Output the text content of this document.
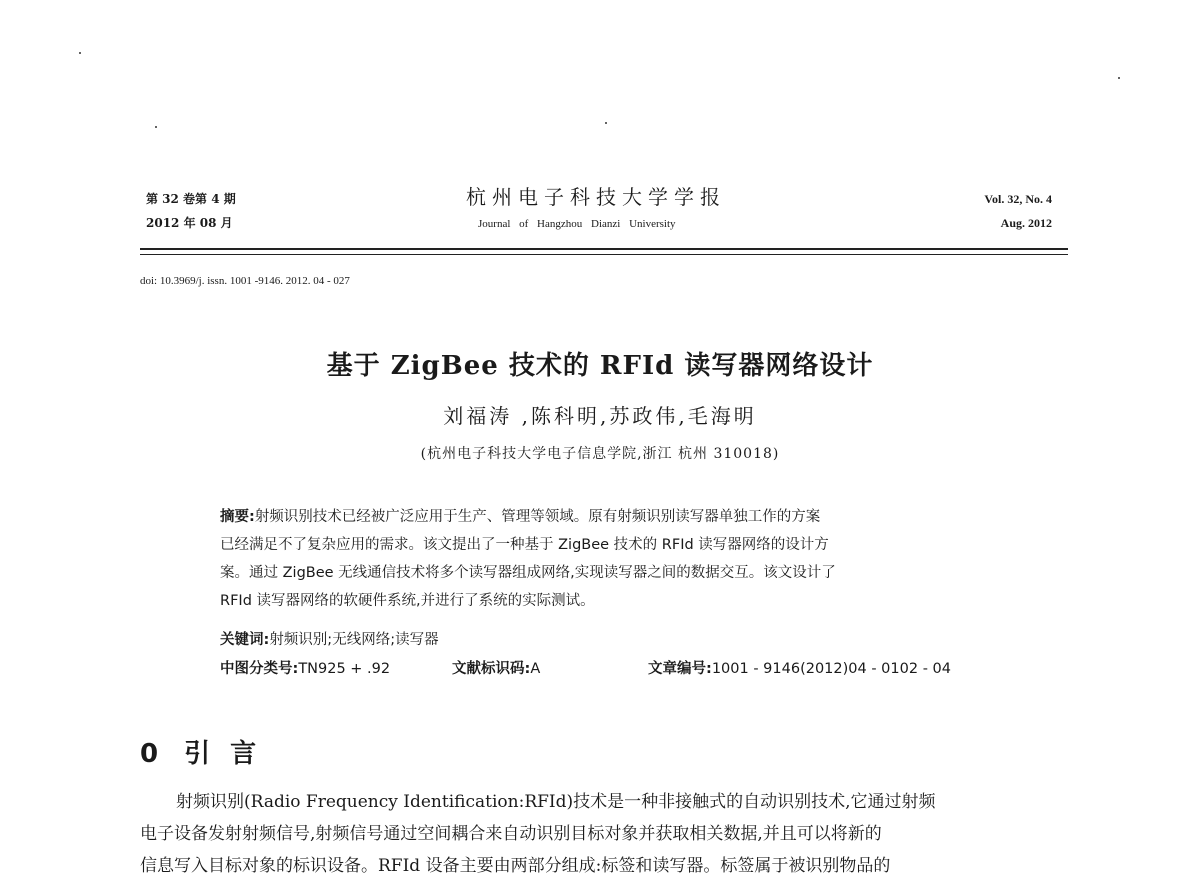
第 32 卷第 4 期
2012 年 08 月
杭州电子科技大学学报
Journal of Hangzhou Dianzi University
Vol. 32, No. 4
Aug. 2012
doi: 10.3969/j. issn. 1001 -9146. 2012. 04 - 027
基于 ZigBee 技术的 RFId 读写器网络设计
刘福涛 ,陈科明,苏政伟,毛海明
(杭州电子科技大学电子信息学院,浙江 杭州 310018)
摘要:射频识别技术已经被广泛应用于生产、管理等领域。原有射频识别读写器单独工作的方案
已经满足不了复杂应用的需求。该文提出了一种基于 ZigBee 技术的 RFId 读写器网络的设计方
案。通过 ZigBee 无线通信技术将多个读写器组成网络,实现读写器之间的数据交互。该文设计了
RFId 读写器网络的软硬件系统,并进行了系统的实际测试。
关键词:射频识别;无线网络;读写器
中图分类号:TN925 + .92	文献标识码:A	文章编号:1001 - 9146(2012)04 - 0102 - 04
0 引言
射频识别(Radio Frequency Identification:RFId)技术是一种非接触式的自动识别技术,它通过射频
电子设备发射射频信号,射频信号通过空间耦合来自动识别目标对象并获取相关数据,并且可以将新的
信息写入目标对象的标识设备。RFId 设备主要由两部分组成:标签和读写器。标签属于被识别物品的
